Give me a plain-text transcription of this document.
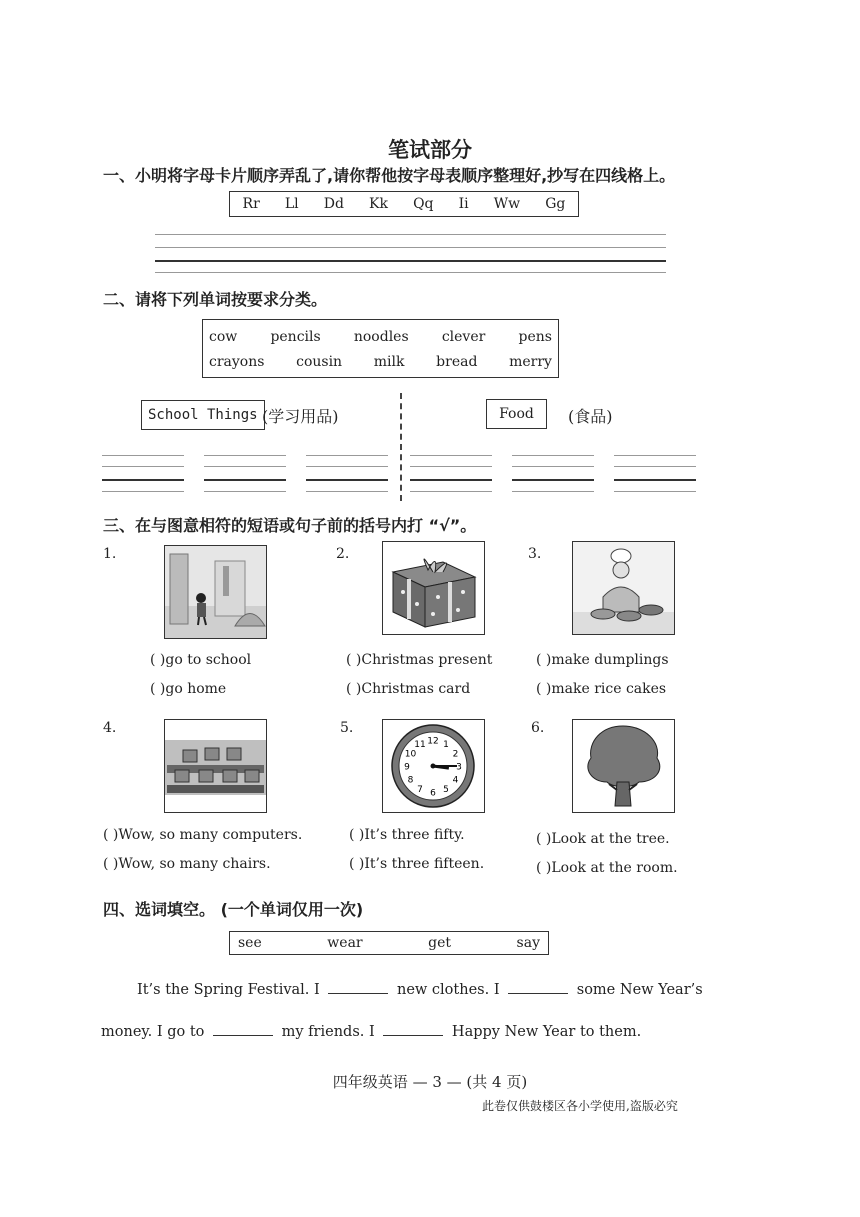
笔试部分
一、小明将字母卡片顺序弄乱了,请你帮他按字母表顺序整理好,抄写在四线格上。
Rr Ll Dd Kk Qq Ii Ww Gg
二、请将下列单词按要求分类。
cow pencils noodles clever pens
crayons cousin milk bread merry
School Things (学习用品)	Food	(食品)
三、在与图意相符的短语或句子前的括号内打 “√”。
1.
( )go to school
( )go home
2.
( )Christmas present
( )Christmas card
3.
( )make dumplings
( )make rice cakes
4.
( )Wow, so many computers.
( )Wow, so many chairs.
5.
12 1
2
3
4
5
6
7
8
9
10
11
( )It’s three fifty.
( )It’s three fifteen.
6.
( )Look at the tree.
( )Look at the room.
四、选词填空。 (一个单词仅用一次)
see	wear	get	say
It’s the Spring Festival. I	new clothes. I	some New Year’s
money. I go to	my friends. I	Happy New Year to them.
四年级英语 — 3 — (共 4 页)
此卷仅供鼓楼区各小学使用,盗版必究
